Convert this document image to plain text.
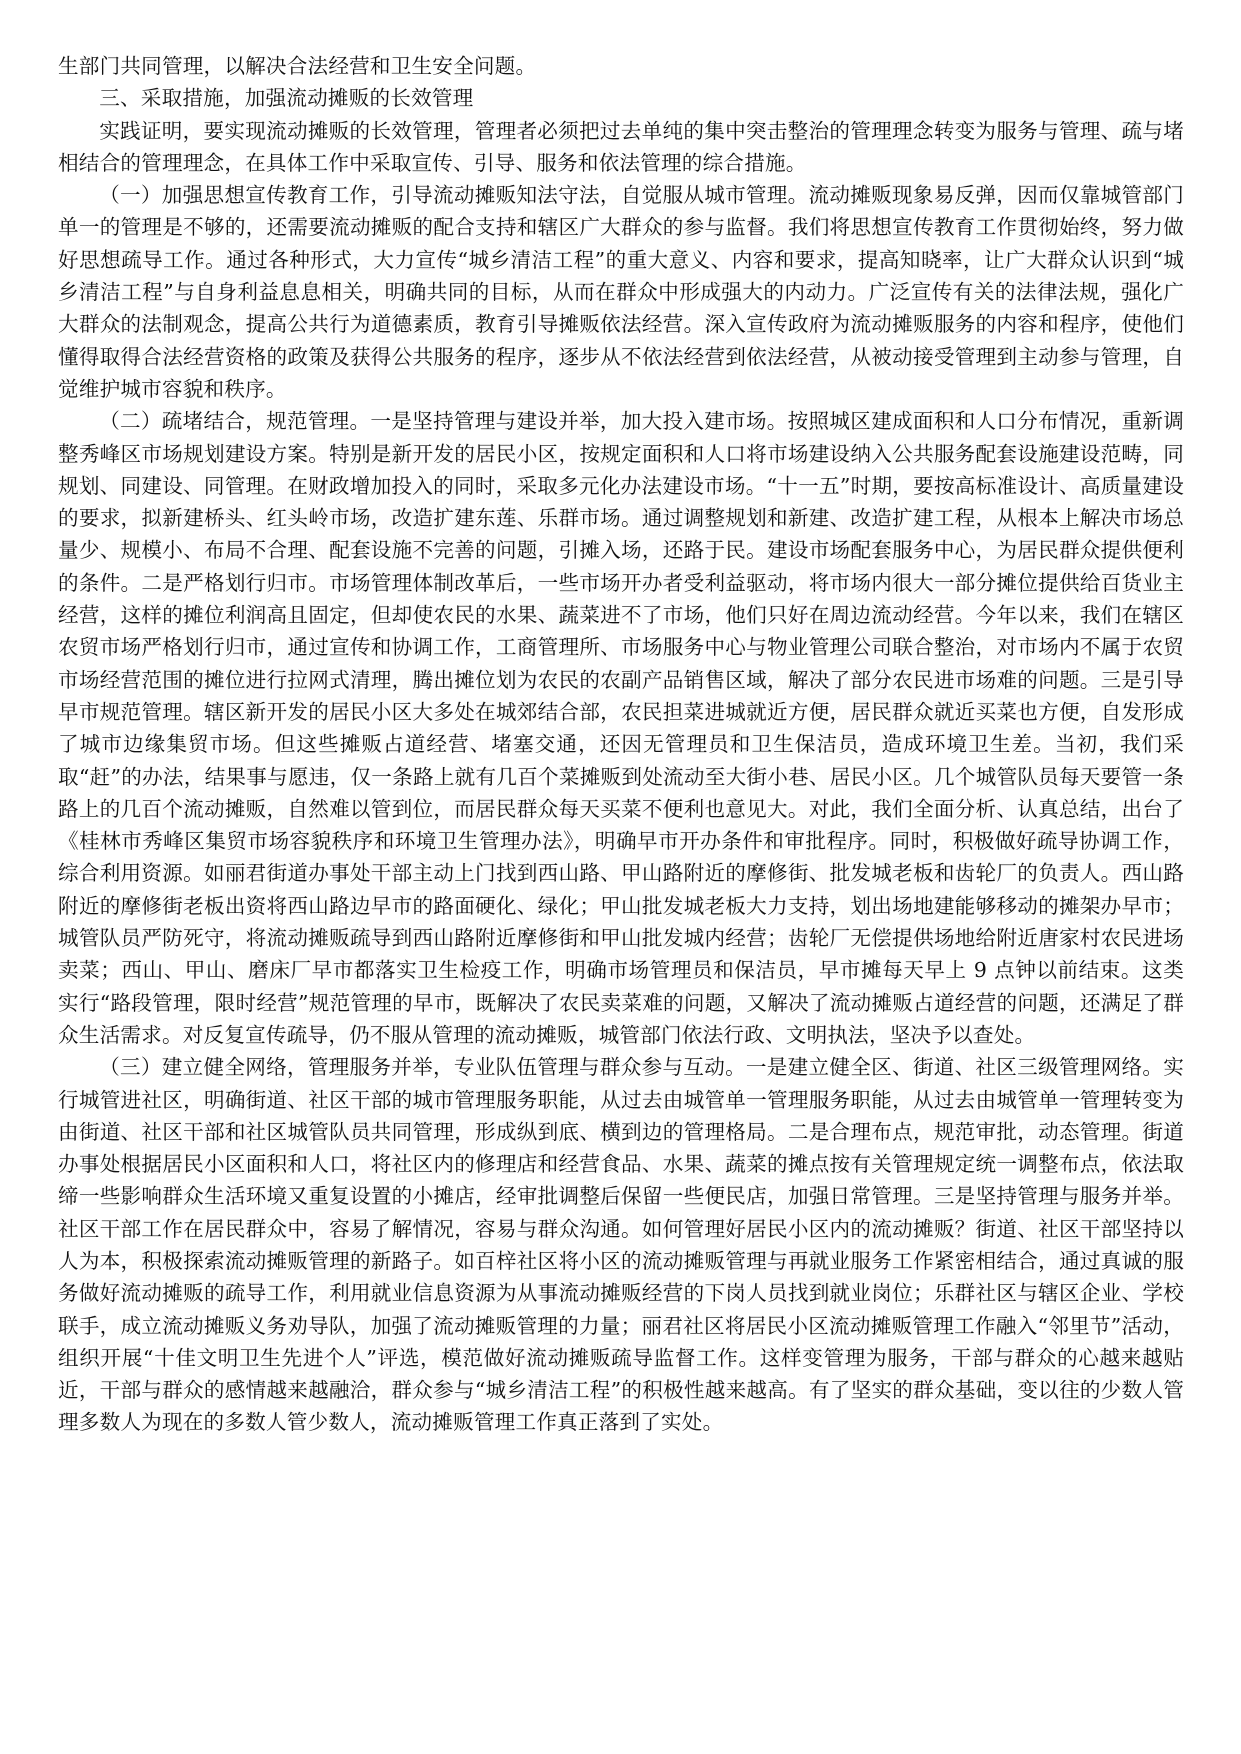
生部门共同管理，以解决合法经营和卫生安全问题。

三、采取措施，加强流动摊贩的长效管理

实践证明，要实现流动摊贩的长效管理，管理者必须把过去单纯的集中突击整治的管理理念转变为服务与管理、疏与堵相结合的管理理念，在具体工作中采取宣传、引导、服务和依法管理的综合措施。

（一）加强思想宣传教育工作，引导流动摊贩知法守法，自觉服从城市管理。流动摊贩现象易反弹，因而仅靠城管部门单一的管理是不够的，还需要流动摊贩的配合支持和辖区广大群众的参与监督。我们将思想宣传教育工作贯彻始终，努力做好思想疏导工作。通过各种形式，大力宣传“城乡清洁工程”的重大意义、内容和要求，提高知晓率，让广大群众认识到“城乡清洁工程”与自身利益息息相关，明确共同的目标，从而在群众中形成强大的内动力。广泛宣传有关的法律法规，强化广大群众的法制观念，提高公共行为道德素质，教育引导摊贩依法经营。深入宣传政府为流动摊贩服务的内容和程序，使他们懂得取得合法经营资格的政策及获得公共服务的程序，逐步从不依法经营到依法经营，从被动接受管理到主动参与管理，自觉维护城市容貌和秩序。

（二）疏堵结合，规范管理。一是坚持管理与建设并举，加大投入建市场。按照城区建成面积和人口分布情况，重新调整秀峰区市场规划建设方案。特别是新开发的居民小区，按规定面积和人口将市场建设纳入公共服务配套设施建设范畴，同规划、同建设、同管理。在财政增加投入的同时，采取多元化办法建设市场。“十一五”时期，要按高标准设计、高质量建设的要求，拟新建桥头、红头岭市场，改造扩建东莲、乐群市场。通过调整规划和新建、改造扩建工程，从根本上解决市场总量少、规模小、布局不合理、配套设施不完善的问题，引摊入场，还路于民。建设市场配套服务中心，为居民群众提供便利的条件。二是严格划行归市。市场管理体制改革后，一些市场开办者受利益驱动，将市场内很大一部分摊位提供给百货业主经营，这样的摊位利润高且固定，但却使农民的水果、蔬菜进不了市场，他们只好在周边流动经营。今年以来，我们在辖区农贸市场严格划行归市，通过宣传和协调工作，工商管理所、市场服务中心与物业管理公司联合整治，对市场内不属于农贸市场经营范围的摊位进行拉网式清理，腾出摊位划为农民的农副产品销售区域，解决了部分农民进市场难的问题。三是引导早市规范管理。辖区新开发的居民小区大多处在城郊结合部，农民担菜进城就近方便，居民群众就近买菜也方便，自发形成了城市边缘集贸市场。但这些摊贩占道经营、堵塞交通，还因无管理员和卫生保洁员，造成环境卫生差。当初，我们采取“赶”的办法，结果事与愿违，仅一条路上就有几百个菜摊贩到处流动至大街小巷、居民小区。几个城管队员每天要管一条路上的几百个流动摊贩，自然难以管到位，而居民群众每天买菜不便利也意见大。对此，我们全面分析、认真总结，出台了《桂林市秀峰区集贸市场容貌秩序和环境卫生管理办法》，明确早市开办条件和审批程序。同时，积极做好疏导协调工作，综合利用资源。如丽君街道办事处干部主动上门找到西山路、甲山路附近的摩修街、批发城老板和齿轮厂的负责人。西山路附近的摩修街老板出资将西山路边早市的路面硬化、绿化；甲山批发城老板大力支持，划出场地建能够移动的摊架办早市；城管队员严防死守，将流动摊贩疏导到西山路附近摩修街和甲山批发城内经营；齿轮厂无偿提供场地给附近唐家村农民进场卖菜；西山、甲山、磨床厂早市都落实卫生检疫工作，明确市场管理员和保洁员，早市摊每天早上 9 点钟以前结束。这类实行“路段管理，限时经营”规范管理的早市，既解决了农民卖菜难的问题，又解决了流动摊贩占道经营的问题，还满足了群众生活需求。对反复宣传疏导，仍不服从管理的流动摊贩，城管部门依法行政、文明执法，坚决予以查处。

（三）建立健全网络，管理服务并举，专业队伍管理与群众参与互动。一是建立健全区、街道、社区三级管理网络。实行城管进社区，明确街道、社区干部的城市管理服务职能，从过去由城管单一管理服务职能，从过去由城管单一管理转变为由街道、社区干部和社区城管队员共同管理，形成纵到底、横到边的管理格局。二是合理布点，规范审批，动态管理。街道办事处根据居民小区面积和人口，将社区内的修理店和经营食品、水果、蔬菜的摊点按有关管理规定统一调整布点，依法取缔一些影响群众生活环境又重复设置的小摊店，经审批调整后保留一些便民店，加强日常管理。三是坚持管理与服务并举。社区干部工作在居民群众中，容易了解情况，容易与群众沟通。如何管理好居民小区内的流动摊贩？街道、社区干部坚持以人为本，积极探索流动摊贩管理的新路子。如百梓社区将小区的流动摊贩管理与再就业服务工作紧密相结合，通过真诚的服务做好流动摊贩的疏导工作，利用就业信息资源为从事流动摊贩经营的下岗人员找到就业岗位；乐群社区与辖区企业、学校联手，成立流动摊贩义务劝导队，加强了流动摊贩管理的力量；丽君社区将居民小区流动摊贩管理工作融入“邻里节”活动，组织开展“十佳文明卫生先进个人”评选，模范做好流动摊贩疏导监督工作。这样变管理为服务，干部与群众的心越来越贴近，干部与群众的感情越来越融洽，群众参与“城乡清洁工程”的积极性越来越高。有了坚实的群众基础，变以往的少数人管理多数人为现在的多数人管少数人，流动摊贩管理工作真正落到了实处。
